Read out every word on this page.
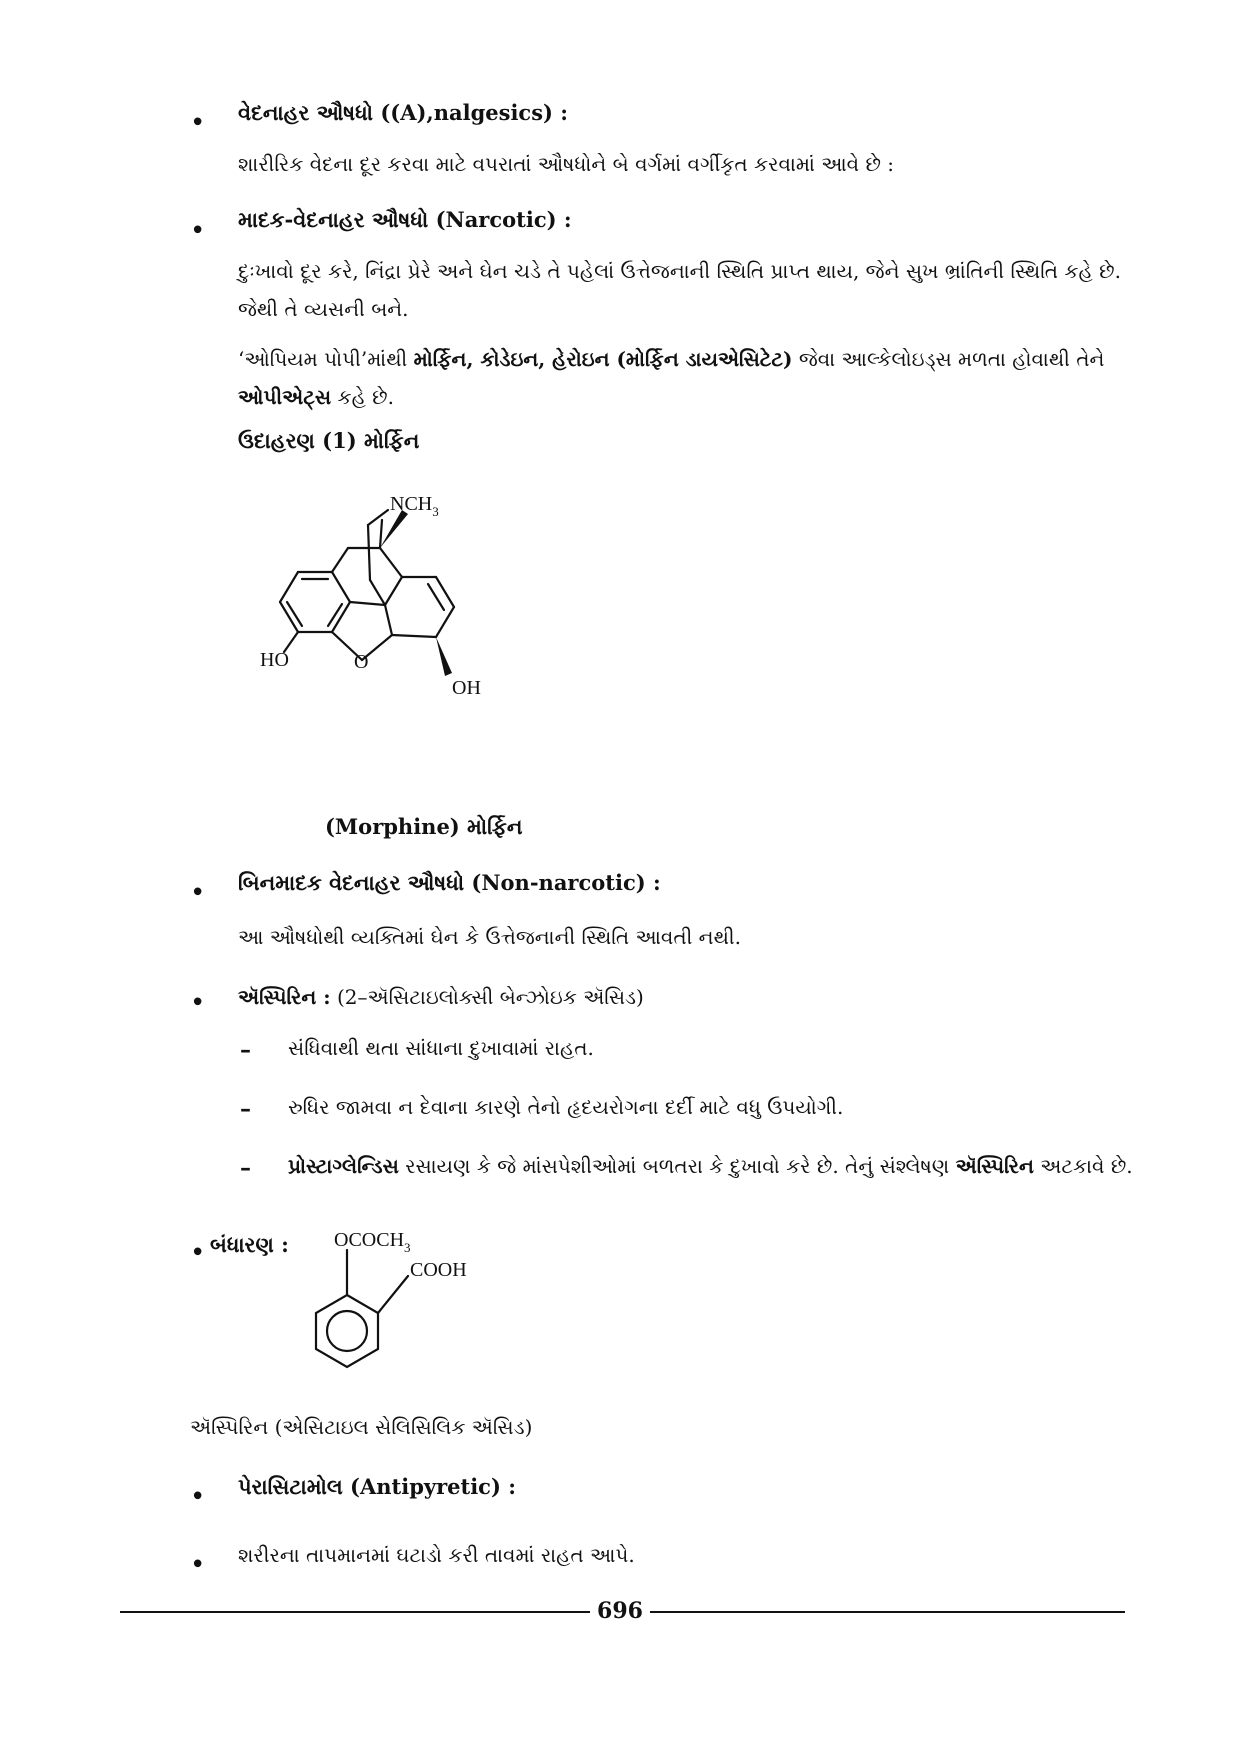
• વેદનાહર ઔષધો ((A),nalgesics) :
શારીરિક વેદના દૂર કરવા માટે વપરાતાં ઔષધોને બે વર્ગમાં વર્ગીકૃત કરવામાં આવે છે :
• માદક-વેદનાહર ઔષધો (Narcotic) :
દુઃખાવો દૂર કરે, નિંદ્રા પ્રેરે અને ઘેન ચડે તે પહેલાં ઉત્તેજનાની સ્થિતિ પ્રાપ્ત થાય, જેને સુખ ભ્રાંતિની સ્થિતિ કહે છે. જેથી તે વ્યસની બને.
‘ઓપિયમ પોપી’માંથી મોર્ફિન, કોડેઇન, હેરોઇન (મોર્ફિન ડાયએસિટેટ) જેવા આલ્કેલોઇડ્સ મળતા હોવાથી તેને ઓપીએટ્સ કહે છે.
ઉદાહરણ (1) મોર્ફિન
$NCH_3$
HO	O
OH
(Morphine) મોર્ફિન
• બિનમાદક વેદનાહર ઔષધો (Non-narcotic) :
આ ઔષધોથી વ્યક્તિમાં ઘેન કે ઉત્તેજનાની સ્થિતિ આવતી નથી.
• ઍસ્પિરિન : (2–ઍસિટાઇલોક્સી બેન્ઝોઇક ઍસિડ)
– સંધિવાથી થતા સાંધાના દુખાવામાં રાહત.
– રુધિર જામવા ન દેવાના કારણે તેનો હૃદયરોગના દર્દી માટે વધુ ઉપયોગી.
– પ્રોસ્ટાગ્લેન્ડિસ રસાયણ કે જે માંસપેશીઓમાં બળતરા કે દુખાવો કરે છે. તેનું સંશ્લેષણ ઍસ્પિરિન અટકાવે છે.
• બંધારણ : $OCOCH_3$
COOH
ઍસ્પિરિન (એસિટાઇલ સેલિસિલિક ઍસિડ)
• પેરાસિટામોલ (Antipyretic) :
• શરીરના તાપમાનમાં ઘટાડો કરી તાવમાં રાહત આપે.
696
